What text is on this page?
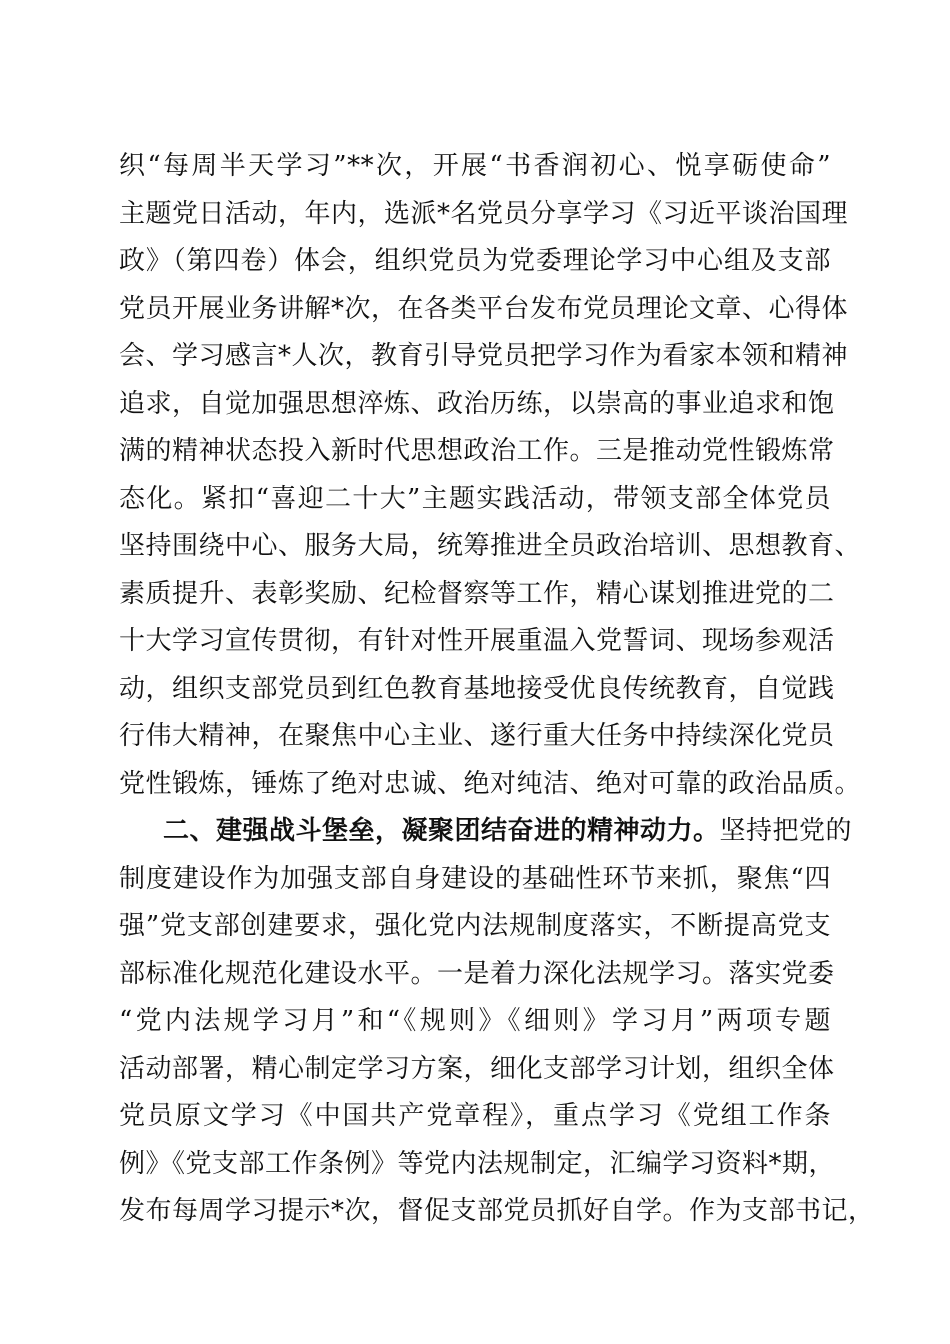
织“每周半天学习”**次，开展“书香润初心、悦享砺使命”
主题党日活动，年内，选派*名党员分享学习《习近平谈治国理
政》（第四卷）体会，组织党员为党委理论学习中心组及支部
党员开展业务讲解*次，在各类平台发布党员理论文章、心得体
会、学习感言*人次，教育引导党员把学习作为看家本领和精神
追求，自觉加强思想淬炼、政治历练，以崇高的事业追求和饱
满的精神状态投入新时代思想政治工作。三是推动党性锻炼常
态化。紧扣“喜迎二十大”主题实践活动，带领支部全体党员
坚持围绕中心、服务大局，统筹推进全员政治培训、思想教育、
素质提升、表彰奖励、纪检督察等工作，精心谋划推进党的二
十大学习宣传贯彻，有针对性开展重温入党誓词、现场参观活
动，组织支部党员到红色教育基地接受优良传统教育，自觉践
行伟大精神，在聚焦中心主业、遂行重大任务中持续深化党员
党性锻炼，锤炼了绝对忠诚、绝对纯洁、绝对可靠的政治品质。
二、建强战斗堡垒，凝聚团结奋进的精神动力。坚持把党的
制度建设作为加强支部自身建设的基础性环节来抓，聚焦“四
强”党支部创建要求，强化党内法规制度落实，不断提高党支
部标准化规范化建设水平。一是着力深化法规学习。落实党委
“党内法规学习月”和“《规则》《细则》学习月”两项专题
活动部署，精心制定学习方案，细化支部学习计划，组织全体
党员原文学习《中国共产党章程》，重点学习《党组工作条
例》《党支部工作条例》等党内法规制定，汇编学习资料*期，
发布每周学习提示*次，督促支部党员抓好自学。作为支部书记，
